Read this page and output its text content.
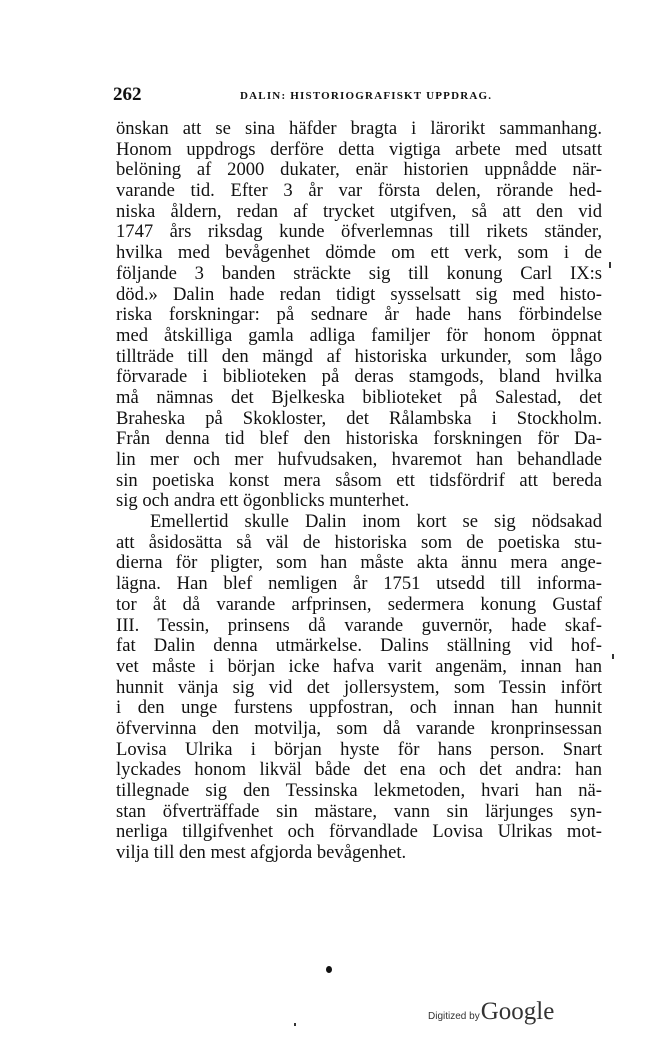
262	DALIN: HISTORIOGRAFISKT UPPDRAG.
önskan att se sina häfder bragta i lärorikt sammanhang.
Honom uppdrogs derföre detta vigtiga arbete med utsatt
belöning af 2000 dukater, enär historien uppnådde när-
varande tid. Efter 3 år var första delen, rörande hed-
niska åldern, redan af trycket utgifven, så att den vid
1747 års riksdag kunde öfverlemnas till rikets ständer,
hvilka med bevågenhet dömde om ett verk, som i de
följande 3 banden sträckte sig till konung Carl IX:s
död.» Dalin hade redan tidigt sysselsatt sig med histo-
riska forskningar: på sednare år hade hans förbindelse
med åtskilliga gamla adliga familjer för honom öppnat
tillträde till den mängd af historiska urkunder, som lågo
förvarade i biblioteken på deras stamgods, bland hvilka
må nämnas det Bjelkeska biblioteket på Salestad, det
Braheska på Skokloster, det Rålambska i Stockholm.
Från denna tid blef den historiska forskningen för Da-
lin mer och mer hufvudsaken, hvaremot han behandlade
sin poetiska konst mera såsom ett tidsfördrif att bereda
sig och andra ett ögonblicks munterhet.
Emellertid skulle Dalin inom kort se sig nödsakad
att åsidosätta så väl de historiska som de poetiska stu-
dierna för pligter, som han måste akta ännu mera ange-
lägna. Han blef nemligen år 1751 utsedd till informa-
tor åt då varande arfprinsen, sedermera konung Gustaf
III. Tessin, prinsens då varande guvernör, hade skaf-
fat Dalin denna utmärkelse. Dalins ställning vid hof-
vet måste i början icke hafva varit angenäm, innan han
hunnit vänja sig vid det jollersystem, som Tessin infört
i den unge furstens uppfostran, och innan han hunnit
öfvervinna den motvilja, som då varande kronprinsessan
Lovisa Ulrika i början hyste för hans person. Snart
lyckades honom likväl både det ena och det andra: han
tillegnade sig den Tessinska lekmetoden, hvari han nä-
stan öfverträffade sin mästare, vann sin lärjunges syn-
nerliga tillgifvenhet och förvandlade Lovisa Ulrikas mot-
vilja till den mest afgjorda bevågenhet.
Digitized by Google
